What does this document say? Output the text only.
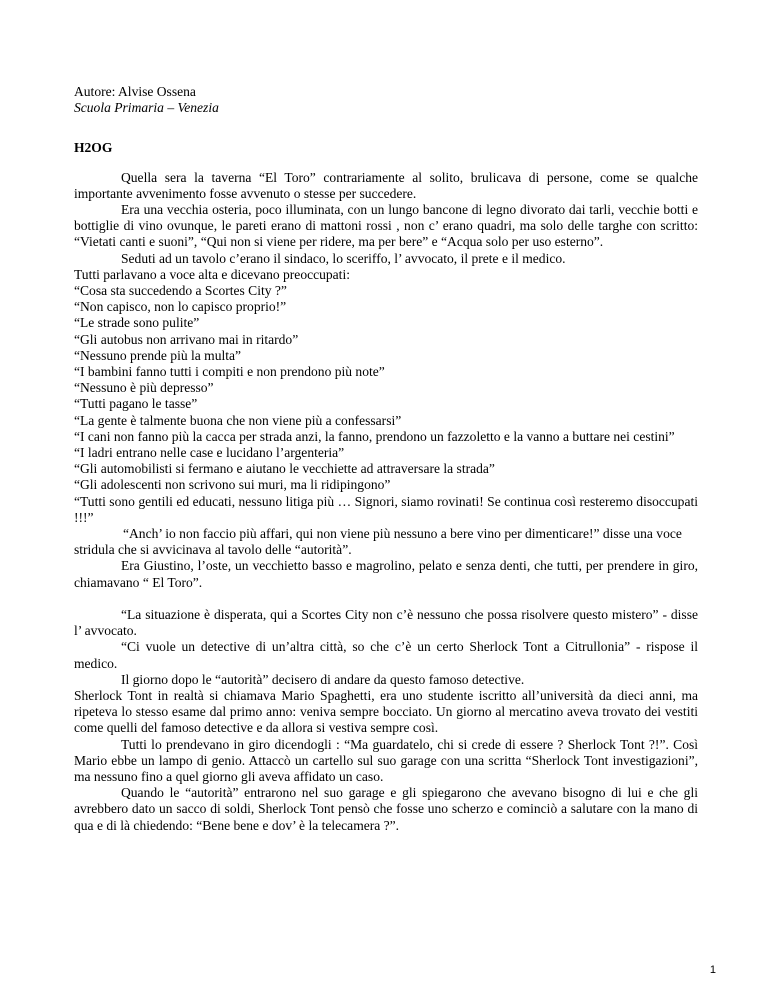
Autore: Alvise Ossena

Scuola Primaria – Venezia

H2OG

Quella sera la taverna “El Toro” contrariamente al solito, brulicava di persone, come se qualche importante avvenimento fosse avvenuto o stesse per succedere.

Era una vecchia osteria, poco illuminata, con un lungo bancone di legno divorato dai tarli, vecchie botti e bottiglie di vino ovunque, le pareti erano di mattoni rossi , non c’ erano quadri, ma solo delle targhe con scritto: “Vietati canti e suoni”, “Qui non si viene per ridere, ma per bere” e “Acqua solo per uso esterno”.

Seduti ad un tavolo c’erano il sindaco, lo sceriffo, l’ avvocato, il prete e il medico.

Tutti parlavano a voce alta e dicevano preoccupati:

“Cosa sta succedendo a Scortes City ?”

“Non capisco, non lo capisco proprio!”

“Le strade sono pulite”

“Gli autobus non arrivano mai in ritardo”

“Nessuno prende più la multa”

“I bambini fanno tutti i compiti e non prendono più note”

“Nessuno è più depresso”

“Tutti pagano le tasse”

“La gente è talmente buona che non viene più a confessarsi”

“I cani non fanno più la cacca per strada anzi, la fanno, prendono un fazzoletto e la vanno a buttare nei cestini”

“I ladri entrano nelle case e lucidano l’argenteria”

“Gli automobilisti si fermano e aiutano le vecchiette ad attraversare la strada”

“Gli adolescenti non scrivono sui muri, ma li ridipingono”

“Tutti sono gentili ed educati, nessuno litiga più … Signori, siamo rovinati! Se continua così resteremo disoccupati !!!”

“Anch’ io non faccio più affari, qui non viene più nessuno a bere vino per dimenticare!” disse una voce stridula che si avvicinava al tavolo delle “autorità”.

Era Giustino, l’oste, un vecchietto basso e magrolino, pelato e senza denti, che tutti, per prendere in giro, chiamavano “ El Toro”.

“La situazione è disperata, qui a Scortes City non c’è nessuno che possa risolvere questo mistero” - disse l’ avvocato.

“Ci vuole un detective di un’altra città, so che c’è un certo Sherlock Tont a Citrullonia” - rispose il medico.

Il giorno dopo le “autorità” decisero di andare da questo famoso detective.

Sherlock Tont in realtà si chiamava Mario Spaghetti, era uno studente iscritto all’università da dieci anni, ma ripeteva lo stesso esame dal primo anno: veniva sempre bocciato. Un giorno al mercatino aveva trovato dei vestiti come quelli del famoso detective e da allora si vestiva sempre così.

Tutti lo prendevano in giro dicendogli : “Ma guardatelo, chi si crede di essere ? Sherlock Tont ?!”. Così Mario ebbe un lampo di genio. Attaccò un cartello sul suo garage con una scritta “Sherlock Tont investigazioni”, ma nessuno fino a quel giorno gli aveva affidato un caso.

Quando le “autorità” entrarono nel suo garage e gli spiegarono che avevano bisogno di lui e che gli avrebbero dato un sacco di soldi, Sherlock Tont pensò che fosse uno scherzo e cominciò a salutare con la mano di qua e di là chiedendo: “Bene bene e dov’ è la telecamera ?”.

1
